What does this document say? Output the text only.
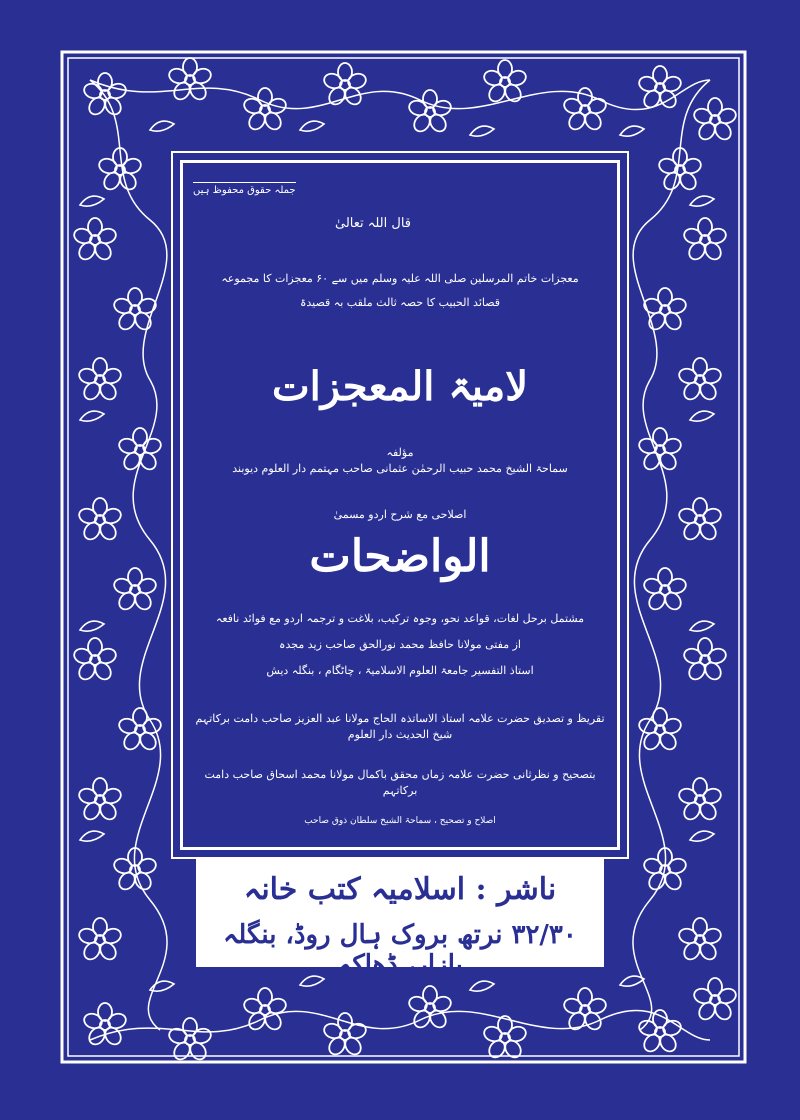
جملہ حقوق محفوظ ہیں
قال اللہ تعالیٰ
معجزات خاتم المرسلین صلی اللہ علیہ وسلم میں سے ۶۰ معجزات کا مجموعہ
قصائد الحبیب کا حصہ ثالث ملقب بہ قصیدۃ
لامیۃ المعجزات
مؤلفہ
سماحۃ الشیخ محمد حبیب الرحمٰن عثمانی صاحب مہتمم دار العلوم دیوبند
اصلاحی مع شرح اردو مسمیٰ
الواضحات
مشتمل برحل لغات، قواعد نحو، وجوہ ترکیب، بلاغت و ترجمہ اردو مع فوائد نافعہ
از مفتی مولانا حافظ محمد نورالحق صاحب زید مجدہ
استاذ التفسیر جامعۃ العلوم الاسلامیۃ ، چاٹگام ، بنگلہ دیش
تقریظ و تصدیق حضرت علامہ استاذ الاساتذہ الحاج مولانا عبد العزیز صاحب دامت برکاتہم شیخ الحدیث دار العلوم
بتصحیح و نظرثانی حضرت علامہ زماں محقق باکمال مولانا محمد اسحاق صاحب دامت برکاتہم
اصلاح و تصحیح ، سماحۃ الشیخ سلطان ذوق صاحب
ناشر : اسلامیہ کتب خانہ
۳۲/۳۰ نرتھ بروک ہال روڈ، بنگلہ بازار، ڈھاکہ
